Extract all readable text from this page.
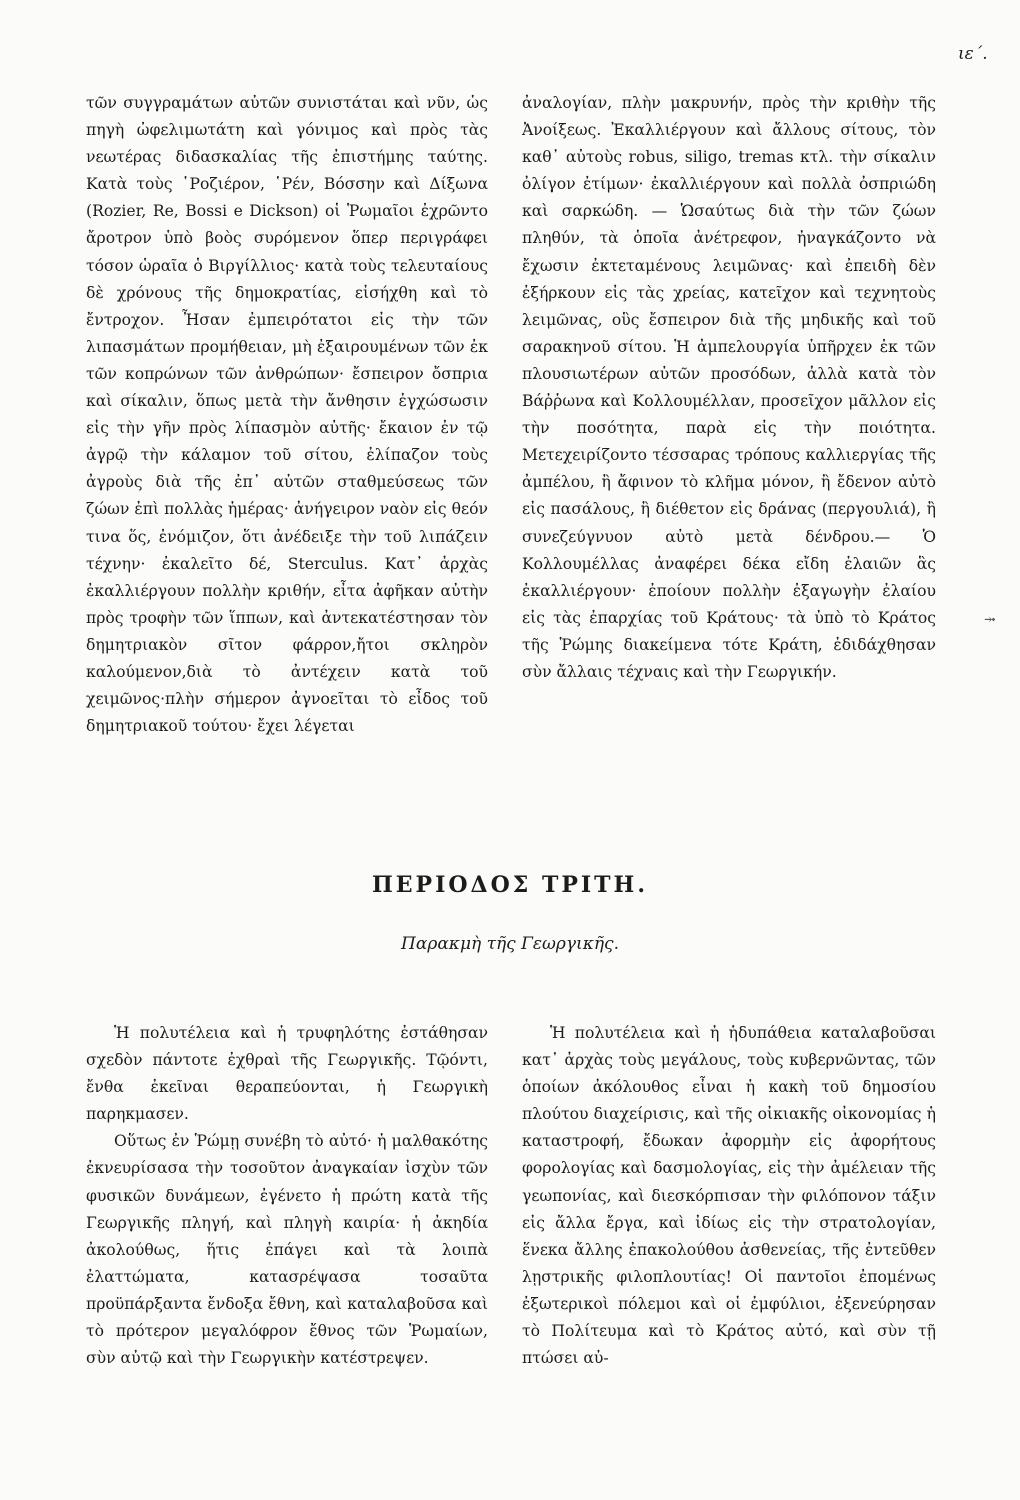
ιε΄.

τῶν συγγραμάτων αὐτῶν συνιστάται καὶ νῦν, ὡς πηγὴ ὠφελιμωτάτη καὶ γόνιμος καὶ πρὸς τὰς νεωτέρας διδασκαλίας τῆς ἐπιστήμης ταύτης. Κατὰ τοὺς ῾Ροζιέρον, ῾Ρέν, Βόσσην καὶ Δίξωνα (Rozier, Re, Bossi e Dickson) οἱ Ῥωμαῖοι ἐχρῶντο ἄροτρον ὑπὸ βοὸς συρόμενον ὅπερ περιγράφει τόσον ὡραῖα ὁ Βιργίλλιος· κατὰ τοὺς τελευταίους δὲ χρόνους τῆς δημοκρατίας, εἰσήχθη καὶ τὸ ἔντροχον. Ἦσαν ἐμπειρότατοι εἰς τὴν τῶν λιπασμάτων προμήθειαν, μὴ ἐξαιρουμένων τῶν ἐκ τῶν κοπρώνων τῶν ἀνθρώπων· ἔσπειρον ὄσπρια καὶ σίκαλιν, ὅπως μετὰ τὴν ἄνθησιν ἐγχώσωσιν εἰς τὴν γῆν πρὸς λίπασμὸν αὐτῆς· ἔκαιον ἐν τῷ ἀγρῷ τὴν κάλαμον τοῦ σίτου, ἐλίπαζον τοὺς ἀγροὺς διὰ τῆς ἐπ᾽ αὐτῶν σταθμεύσεως τῶν ζώων ἐπὶ πολλὰς ἡμέρας· ἀνήγειρον ναὸν εἰς θεόν τινα ὅς, ἐνόμιζον, ὅτι ἀνέδειξε τὴν τοῦ λιπάζειν τέχνην· ἐκαλεῖτο δέ, Sterculus. Κατ᾽ ἀρχὰς ἐκαλλιέργουν πολλὴν κριθήν, εἶτα ἀφῆκαν αὐτὴν πρὸς τροφὴν τῶν ἵππων, καὶ ἀντεκατέστησαν τὸν δημητριακὸν σῖτον φάρρον,ἤτοι σκληρὸν καλούμενον,διὰ τὸ ἀντέχειν κατὰ τοῦ χειμῶνος·πλὴν σήμερον ἀγνοεῖται τὸ εἶδος τοῦ δημητριακοῦ τούτου· ἔχει λέγεται

ἀναλογίαν, πλὴν μακρυνήν, πρὸς τὴν κριθὴν τῆς Ἀνοίξεως. Ἐκαλλιέργουν καὶ ἄλλους σίτους, τὸν καθ᾽ αὐτοὺς robus, siligo, tremas κτλ. τὴν σίκαλιν ὀλίγον ἐτίμων· ἐκαλλιέργουν καὶ πολλὰ ὀσπριώδη καὶ σαρκώδη. — Ὡσαύτως διὰ τὴν τῶν ζώων πληθύν, τὰ ὁποῖα ἀνέτρεφον, ἠναγκάζοντο νὰ ἔχωσιν ἐκτεταμένους λειμῶνας· καὶ ἐπειδὴ δὲν ἐξήρκουν εἰς τὰς χρείας, κατεῖχον καὶ τεχνητοὺς λειμῶνας, οὓς ἔσπειρον διὰ τῆς μηδικῆς καὶ τοῦ σαρακηνοῦ σίτου. Ἡ ἀμπελουργία ὑπῆρχεν ἐκ τῶν πλουσιωτέρων αὐτῶν προσόδων, ἀλλὰ κατὰ τὸν Βάῤῥωνα καὶ Κολλουμέλλαν, προσεῖχον μᾶλλον εἰς τὴν ποσότητα, παρὰ εἰς τὴν ποιότητα. Μετεχειρίζοντο τέσσαρας τρόπους καλλιεργίας τῆς ἀμπέλου, ἢ ἄφινον τὸ κλῆμα μόνον, ἢ ἔδενον αὐτὸ εἰς πασάλους, ἢ διέθετον εἰς δράνας (περγουλιά), ἢ συνεζεύγνυον αὐτὸ μετὰ δένδρου.— Ὁ Κολλουμέλλας ἀναφέρει δέκα εἴδη ἐλαιῶν ἃς ἐκαλλιέργουν· ἐποίουν πολλὴν ἐξαγωγὴν ἐλαίου εἰς τὰς ἐπαρχίας τοῦ Κράτους· τὰ ὑπὸ τὸ Κράτος τῆς Ῥώμης διακείμενα τότε Κράτη, ἐδιδάχθησαν σὺν ἄλλαις τέχναις καὶ τὴν Γεωργικήν.

⤞
ΠΕΡΙΟΔΟΣ ΤΡΙΤΗ.
Παρακμὴ τῆς Γεωργικῆς.

Ἡ πολυτέλεια καὶ ἡ τρυφηλότης ἐστάθησαν σχεδὸν πάντοτε ἐχθραὶ τῆς Γεωργικῆς. Τῷόντι, ἔνθα ἐκεῖναι θεραπεύονται, ἡ Γεωργικὴ παρηκμασεν.

Οὕτως ἐν Ῥώμῃ συνέβη τὸ αὐτό· ἡ μαλθακότης ἐκνευρίσασα τὴν τοσοῦτον ἀναγκαίαν ἰσχὺν τῶν φυσικῶν δυνάμεων, ἐγένετο ἡ πρώτη κατὰ τῆς Γεωργικῆς πληγή, καὶ πληγὴ καιρία· ἡ ἀκηδία ἀκολούθως, ἥτις ἐπάγει καὶ τὰ λοιπὰ ἐλαττώματα, κατασρέψασα τοσαῦτα προϋπάρξαντα ἔνδοξα ἔθνη, καὶ καταλαβοῦσα καὶ τὸ πρότερον μεγαλόφρον ἔθνος τῶν Ῥωμαίων, σὺν αὐτῷ καὶ τὴν Γεωργικὴν κατέστρεψεν.

Ἡ πολυτέλεια καὶ ἡ ἡδυπάθεια καταλαβοῦσαι κατ᾽ ἀρχὰς τοὺς μεγάλους, τοὺς κυβερνῶντας, τῶν ὁποίων ἀκόλουθος εἶναι ἡ κακὴ τοῦ δημοσίου πλούτου διαχείρισις, καὶ τῆς οἰκιακῆς οἰκονομίας ἡ καταστροφή, ἔδωκαν ἀφορμὴν εἰς ἀφορήτους φορολογίας καὶ δασμολογίας, εἰς τὴν ἀμέλειαν τῆς γεωπονίας, καὶ διεσκόρπισαν τὴν φιλόπονον τάξιν εἰς ἄλλα ἔργα, καὶ ἰδίως εἰς τὴν στρατολογίαν, ἕνεκα ἄλλης ἐπακολούθου ἀσθενείας, τῆς ἐντεῦθεν λῃστρικῆς φιλοπλουτίας! Οἱ παντοῖοι ἐπομένως ἐξωτερικοὶ πόλεμοι καὶ οἱ ἐμφύλιοι, ἐξενεύρησαν τὸ Πολίτευμα καὶ τὸ Κράτος αὐτό, καὶ σὺν τῇ πτώσει αὐ-
